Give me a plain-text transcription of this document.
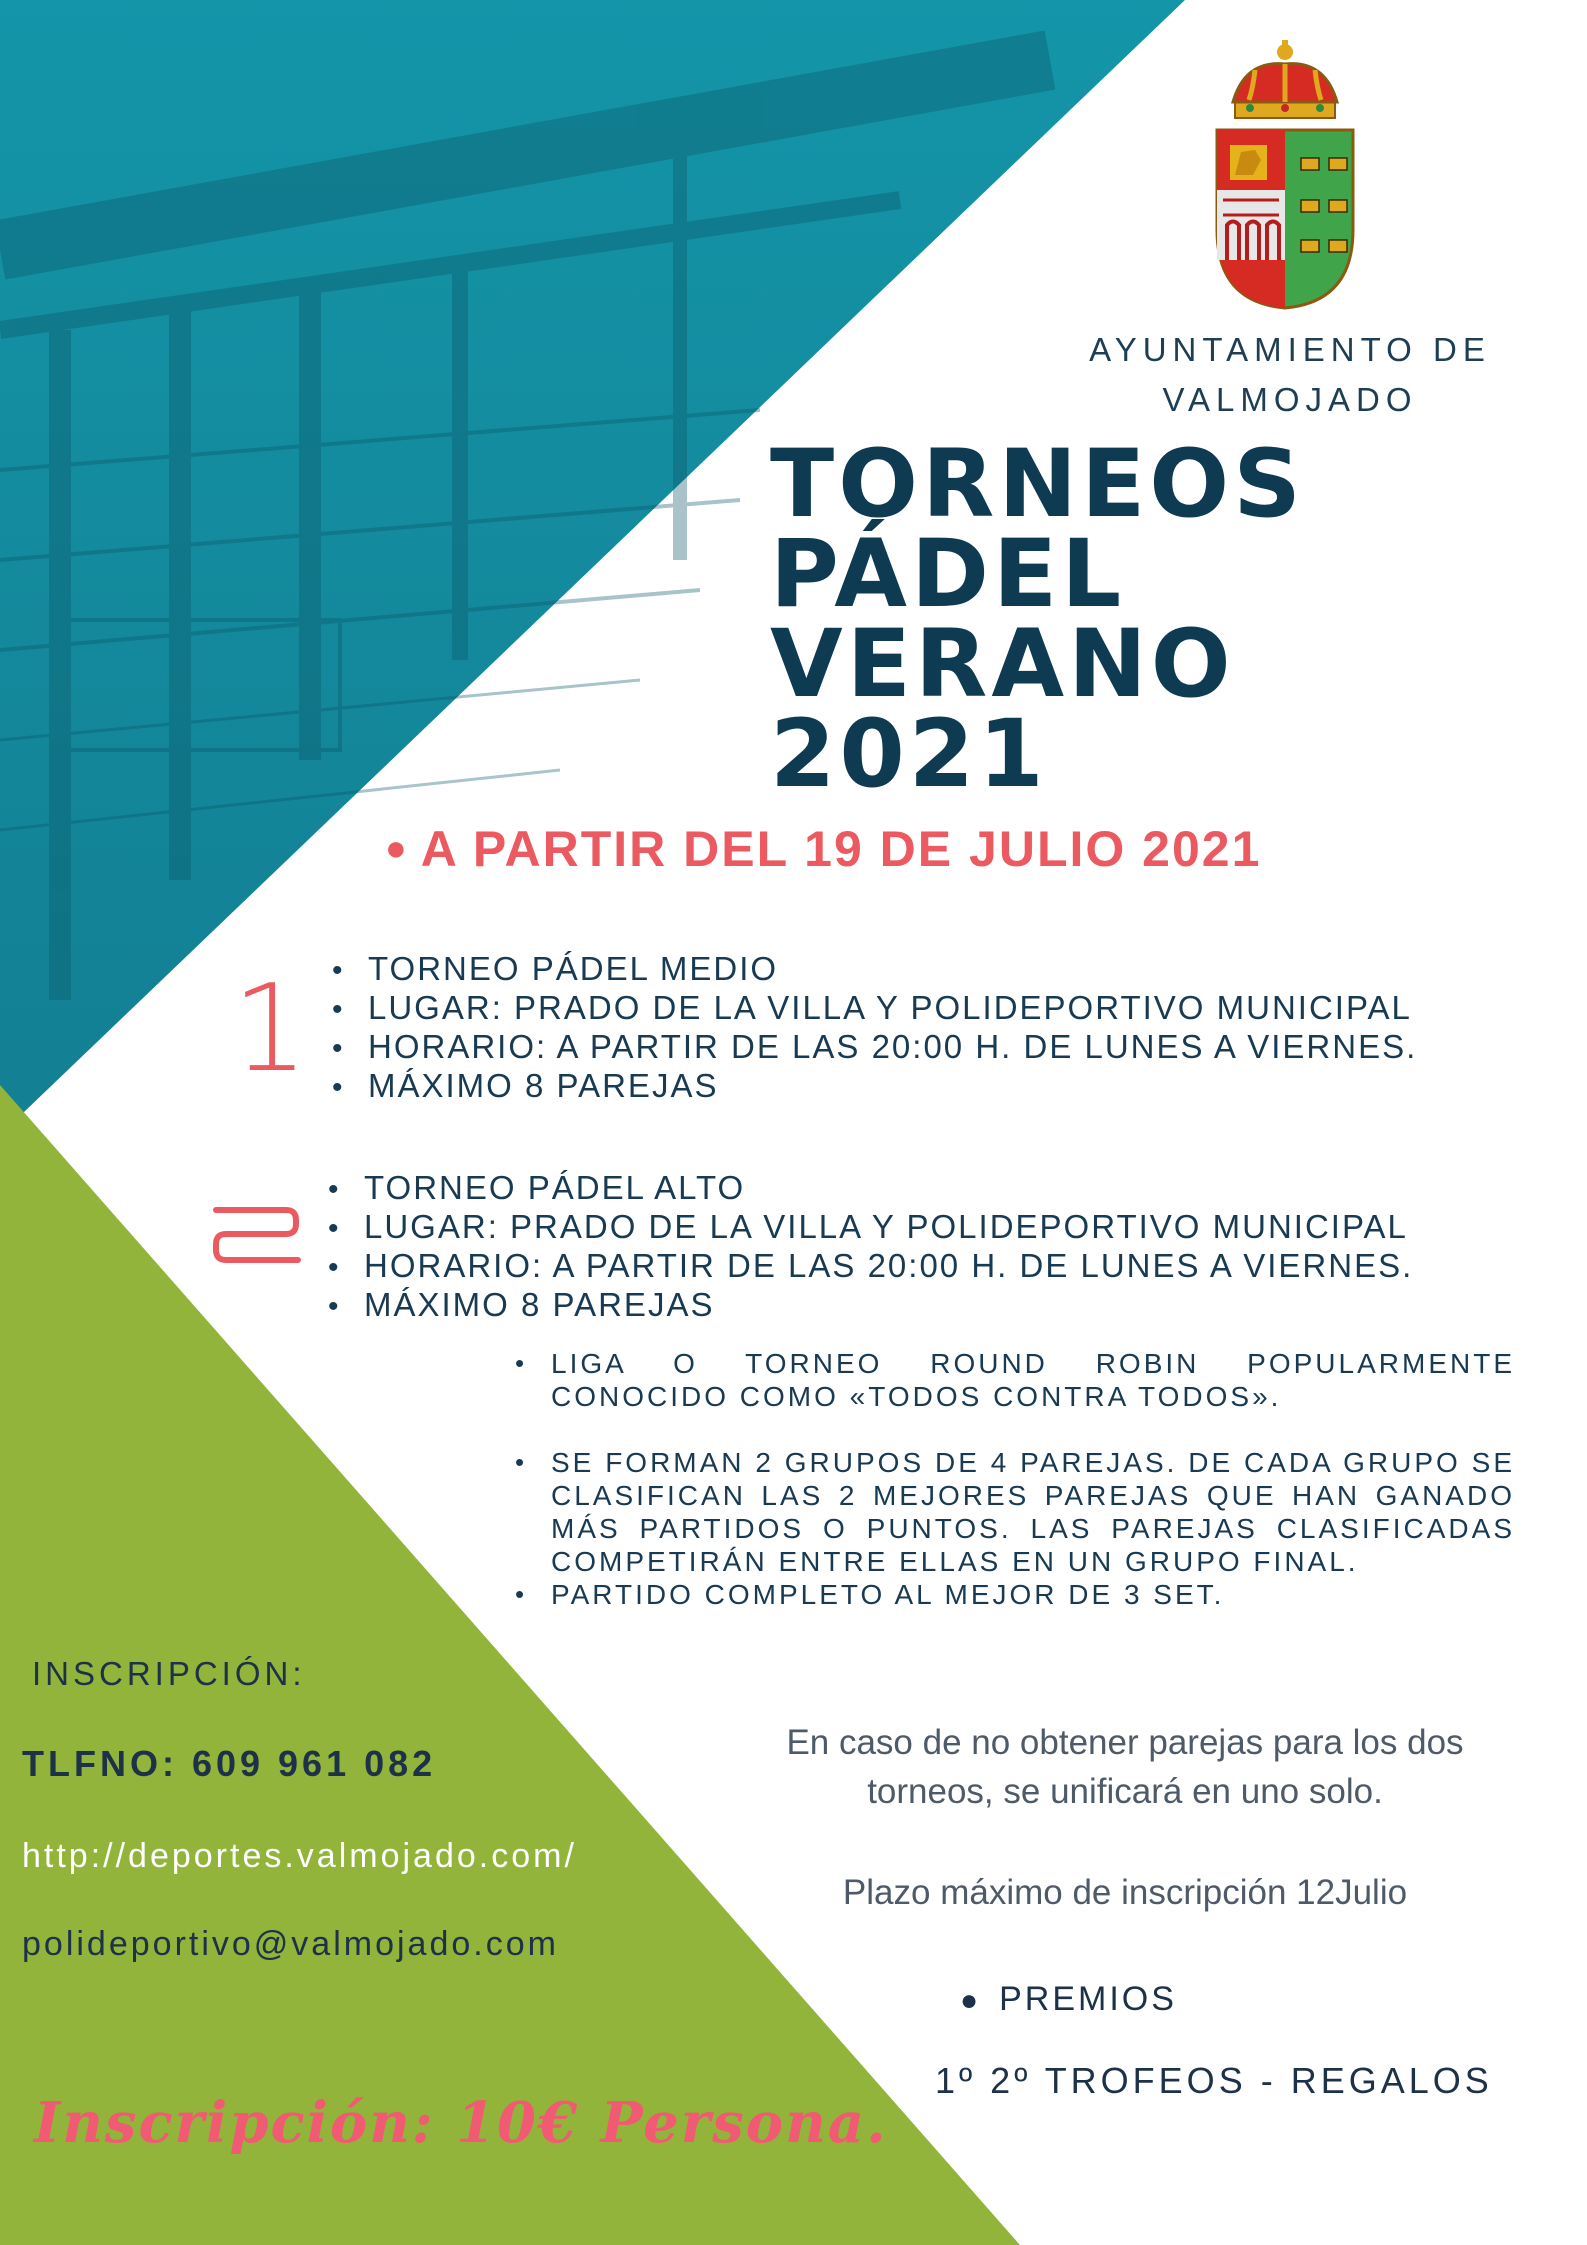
AYUNTAMIENTO DE
VALMOJADO
TORNEOS
PÁDEL
VERANO
2021
● A PARTIR DEL 19 DE JULIO 2021
1
•	TORNEO PÁDEL MEDIO
• LUGAR: PRADO DE LA VILLA Y POLIDEPORTIVO MUNICIPAL
• HORARIO: A PARTIR DE LAS 20:00 H. DE LUNES A VIERNES.
• MÁXIMO 8 PAREJAS
• TORNEO PÁDEL ALTO
• LUGAR: PRADO DE LA VILLA Y POLIDEPORTIVO MUNICIPAL
• HORARIO: A PARTIR DE LAS 20:00 H. DE LUNES A VIERNES.
• MÁXIMO 8 PAREJAS
• LIGA O TORNEO ROUND ROBIN POPULARMENTE CONOCIDO COMO «TODOS CONTRA TODOS».
• SE FORMAN 2 GRUPOS DE 4 PAREJAS. DE CADA GRUPO SE CLASIFICAN LAS 2 MEJORES PAREJAS QUE HAN GANADO MÁS PARTIDOS O PUNTOS. LAS PAREJAS CLASIFICADAS COMPETIRÁN ENTRE ELLAS EN UN GRUPO FINAL.
• PARTIDO COMPLETO AL MEJOR DE 3 SET.
INSCRIPCIÓN:
TLFNO: 609 961 082
http://deportes.valmojado.com/
polideportivo@valmojado.com
Inscripción: 10€ Persona.
En caso de no obtener parejas para los dos torneos, se unificará en uno solo.
Plazo máximo de inscripción 12Julio
● PREMIOS
1º 2º TROFEOS - REGALOS
